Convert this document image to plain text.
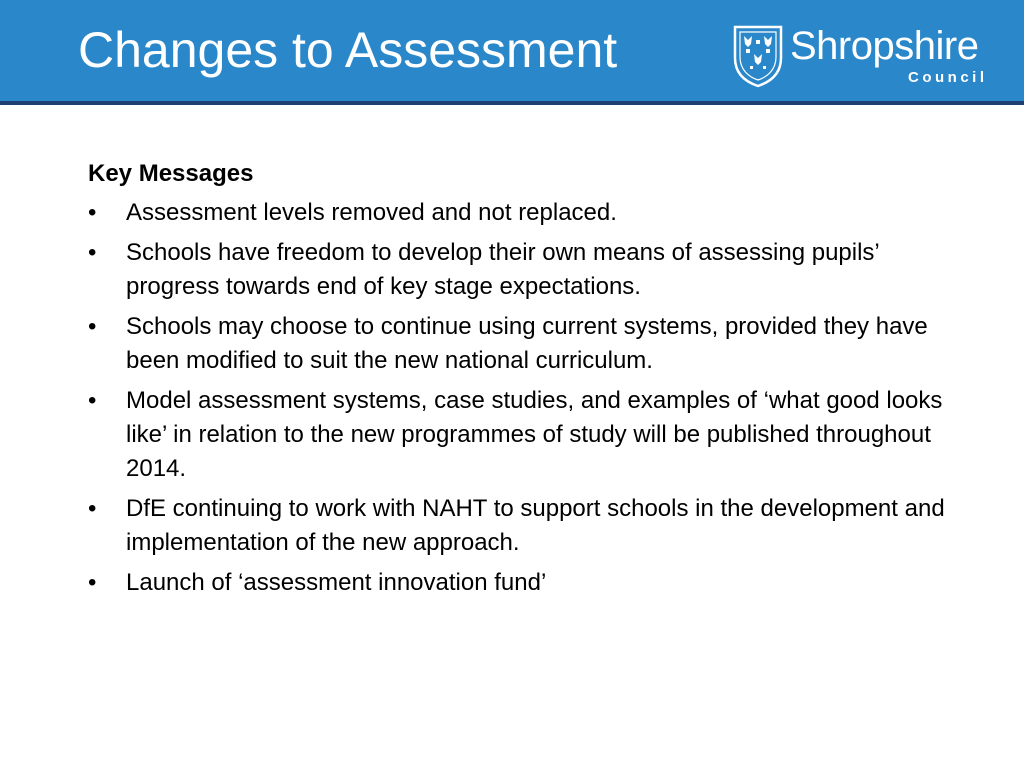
Changes to Assessment	Shropshire
Council
Key Messages
•	Assessment levels removed and not replaced.
•	Schools have freedom to develop their own means of assessing pupils’ progress towards end of key stage expectations.
•	Schools may choose to continue using current systems, provided they have been modified to suit the new national curriculum.
•	Model assessment systems, case studies, and examples of ‘what good looks like’ in relation to the new programmes of study will be published throughout 2014.
•	DfE continuing to work with NAHT to support schools in the development and implementation of the new approach.
•	Launch of ‘assessment innovation fund’
